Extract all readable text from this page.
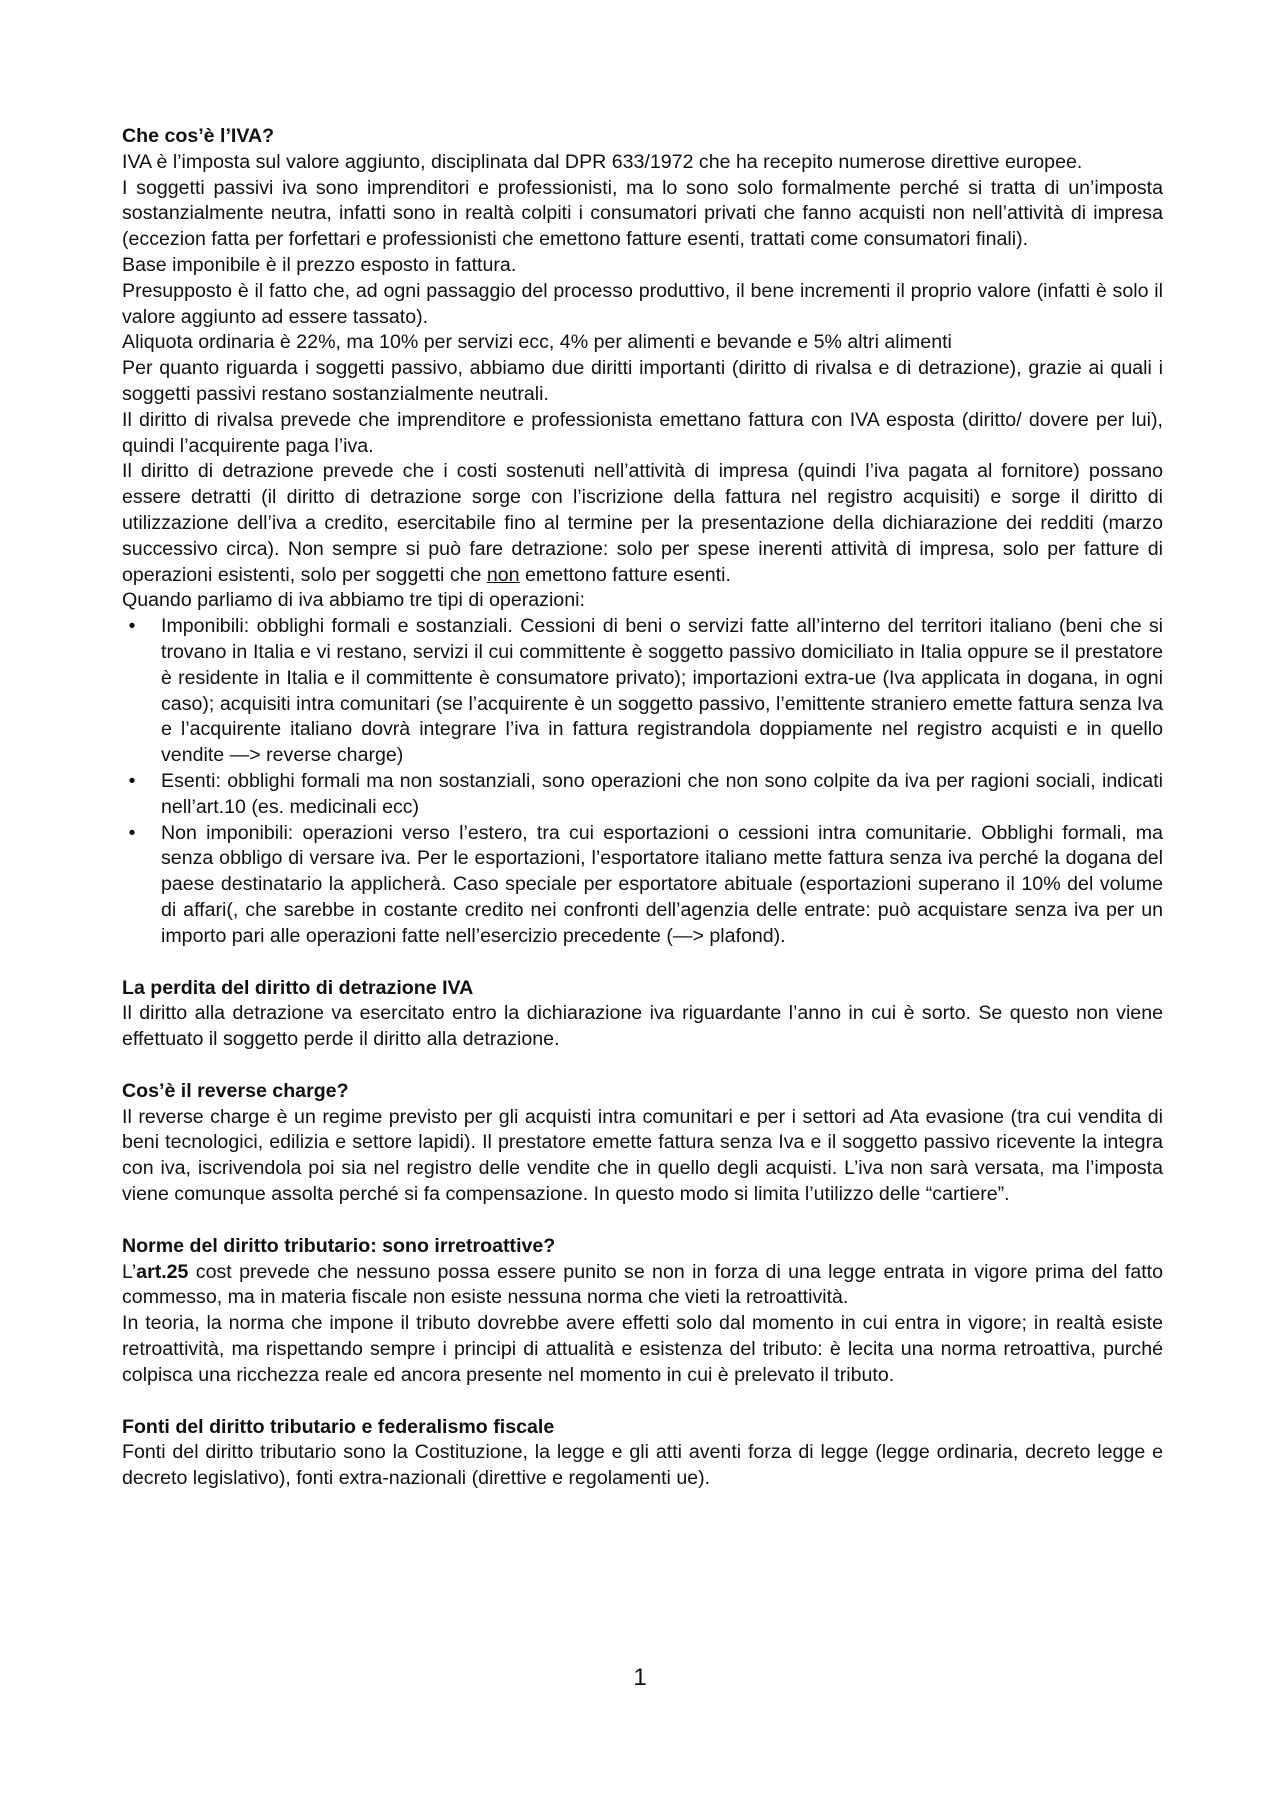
Che cos’è l’IVA?

IVA è l’imposta sul valore aggiunto, disciplinata dal DPR 633/1972 che ha recepito numerose direttive europee.

I soggetti passivi iva sono imprenditori e professionisti, ma lo sono solo formalmente perché si tratta di un’imposta sostanzialmente neutra, infatti sono in realtà colpiti i consumatori privati che fanno acquisti non nell’attività di impresa (eccezion fatta per forfettari e professionisti che emettono fatture esenti, trattati come consumatori finali).

Base imponibile è il prezzo esposto in fattura.

Presupposto è il fatto che, ad ogni passaggio del processo produttivo, il bene incrementi il proprio valore (infatti è solo il valore aggiunto ad essere tassato).

Aliquota ordinaria è 22%, ma 10% per servizi ecc, 4% per alimenti e bevande e 5% altri alimenti

Per quanto riguarda i soggetti passivo, abbiamo due diritti importanti (diritto di rivalsa e di detrazione), grazie ai quali i soggetti passivi restano sostanzialmente neutrali.

Il diritto di rivalsa prevede che imprenditore e professionista emettano fattura con IVA esposta (diritto/ dovere per lui), quindi l’acquirente paga l’iva.

Il diritto di detrazione prevede che i costi sostenuti nell’attività di impresa (quindi l’iva pagata al fornitore) possano essere detratti (il diritto di detrazione sorge con l’iscrizione della fattura nel registro acquisiti) e sorge il diritto di utilizzazione dell’iva a credito, esercitabile fino al termine per la presentazione della dichiarazione dei redditi (marzo successivo circa). Non sempre si può fare detrazione: solo per spese inerenti attività di impresa, solo per fatture di operazioni esistenti, solo per soggetti che non emettono fatture esenti.

Quando parliamo di iva abbiamo tre tipi di operazioni:

•	Imponibili: obblighi formali e sostanziali. Cessioni di beni o servizi fatte all’interno del territori italiano (beni che si trovano in Italia e vi restano, servizi il cui committente è soggetto passivo domiciliato in Italia oppure se il prestatore è residente in Italia e il committente è consumatore privato); importazioni extra-ue (Iva applicata in dogana, in ogni caso); acquisiti intra comunitari (se l’acquirente è un soggetto passivo, l’emittente straniero emette fattura senza Iva e l’acquirente italiano dovrà integrare l’iva in fattura registrandola doppiamente nel registro acquisti e in quello vendite —> reverse charge)
•	Esenti: obblighi formali ma non sostanziali, sono operazioni che non sono colpite da iva per ragioni sociali, indicati nell’art.10 (es. medicinali ecc)
•	Non imponibili: operazioni verso l’estero, tra cui esportazioni o cessioni intra comunitarie. Obblighi formali, ma senza obbligo di versare iva. Per le esportazioni, l’esportatore italiano mette fattura senza iva perché la dogana del paese destinatario la applicherà. Caso speciale per esportatore abituale (esportazioni superano il 10% del volume di affari(, che sarebbe in costante credito nei confronti dell’agenzia delle entrate: può acquistare senza iva per un importo pari alle operazioni fatte nell’esercizio precedente (—> plafond).
La perdita del diritto di detrazione IVA

Il diritto alla detrazione va esercitato entro la dichiarazione iva riguardante l’anno in cui è sorto. Se questo non viene effettuato il soggetto perde il diritto alla detrazione.

Cos’è il reverse charge?

Il reverse charge è un regime previsto per gli acquisti intra comunitari e per i settori ad Ata evasione (tra cui vendita di beni tecnologici, edilizia e settore lapidi). Il prestatore emette fattura senza Iva e il soggetto passivo ricevente la integra con iva, iscrivendola poi sia nel registro delle vendite che in quello degli acquisti. L’iva non sarà versata, ma l’imposta viene comunque assolta perché si fa compensazione. In questo modo si limita l’utilizzo delle “cartiere”.

Norme del diritto tributario: sono irretroattive?

L’art.25 cost prevede che nessuno possa essere punito se non in forza di una legge entrata in vigore prima del fatto commesso, ma in materia fiscale non esiste nessuna norma che vieti la retroattività.

In teoria, la norma che impone il tributo dovrebbe avere effetti solo dal momento in cui entra in vigore; in realtà esiste retroattività, ma rispettando sempre i principi di attualità e esistenza del tributo: è lecita una norma retroattiva, purché colpisca una ricchezza reale ed ancora presente nel momento in cui è prelevato il tributo.

Fonti del diritto tributario e federalismo fiscale

Fonti del diritto tributario sono la Costituzione, la legge e gli atti aventi forza di legge (legge ordinaria, decreto legge e decreto legislativo), fonti extra-nazionali (direttive e regolamenti ue).

1
